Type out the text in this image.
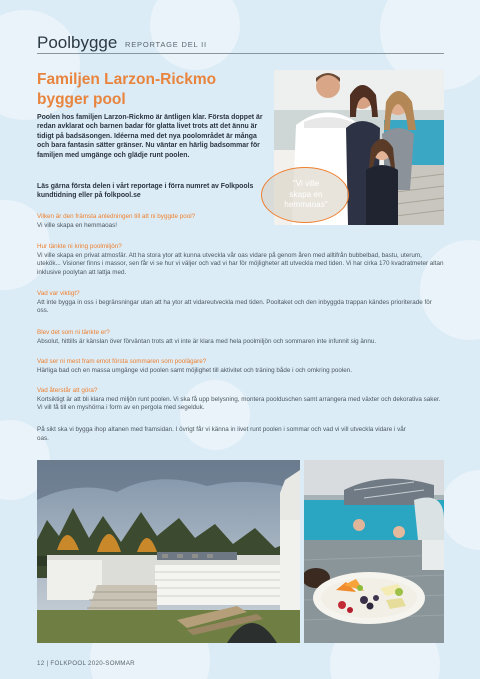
Poolbygge REPORTAGE DEL II
Familjen Larzon-Rickmo
bygger pool

Poolen hos familjen Larzon-Rickmo är äntligen klar. Första doppet är redan avklarat och barnen badar för glatta livet trots att det ännu är tidigt på badsäsongen. Idéerna med det nya poolområdet är många och bara fantasin sätter gränser. Nu väntar en härlig badsommar för familjen med umgänge och glädje runt poolen.

Läs gärna första delen i vårt reportage i förra numret av Folkpools kundtidning eller på folkpool.se

"Vi ville
skapa en
hemmaoas"
Vilken är den främsta anledningen till att ni byggde pool?
Vi ville skapa en hemmaoas!
Hur tänkte ni kring poolmiljön?
Vi ville skapa en privat atmosfär. Att ha stora ytor att kunna utveckla vår oas vidare på genom åren med alltifrån bubbelbad, bastu, uterum, utekök... Visioner finns i massor, sen får vi se hur vi väljer och vad vi har för möjligheter att utveckla med tiden. Vi har cirka 170 kvadratmeter altan inklusive poolytan att lattja med.
Vad var viktigt?
Att inte bygga in oss i begränsningar utan att ha ytor att vidareutveckla med tiden. Pooltaket och den inbyggda trappan kändes prioriterade för oss.
Blev det som ni tänkte er?
Absolut, hittills är känslan över förväntan trots att vi inte är klara med hela poolmiljön och sommaren inte infunnit sig ännu.
Vad ser ni mest fram emot första sommaren som poolägare?
Härliga bad och en massa umgänge vid poolen samt möjlighet till aktivitet och träning både i och omkring poolen.
Vad återstår att göra?
Kortsiktigt är att bli klara med miljön runt poolen. Vi ska få upp belysning, montera poolduschen samt arrangera med växter och dekorativa saker. Vi vill få till en myshörna i form av en pergola med segelduk.

På sikt ska vi bygga ihop altanen med framsidan. I övrigt får vi känna in livet runt poolen i sommar och vad vi vill utveckla vidare i vår oas.

12 | FOLKPOOL 2020-SOMMAR
